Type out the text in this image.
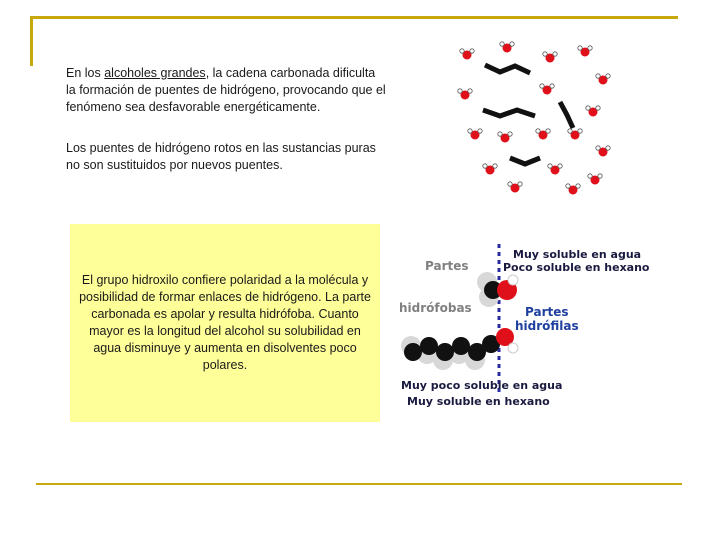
En los alcoholes grandes, la cadena carbonada dificulta la formación de puentes de hidrógeno, provocando que el fenómeno sea desfavorable energéticamente.

Los puentes de hidrógeno rotos en las sustancias puras no son sustituidos por nuevos puentes.

El grupo hidroxilo confiere polaridad a la molécula y posibilidad de formar enlaces de hidrógeno. La parte carbonada es apolar y resulta hidrófoba. Cuanto mayor es la longitud del alcohol su solubilidad en agua disminuye y aumenta en disolventes poco polares.

Muy soluble en agua
Poco soluble en hexano
Partes
hidrófobas	Partes
hidrófilas
Muy poco soluble en agua
Muy soluble en hexano
